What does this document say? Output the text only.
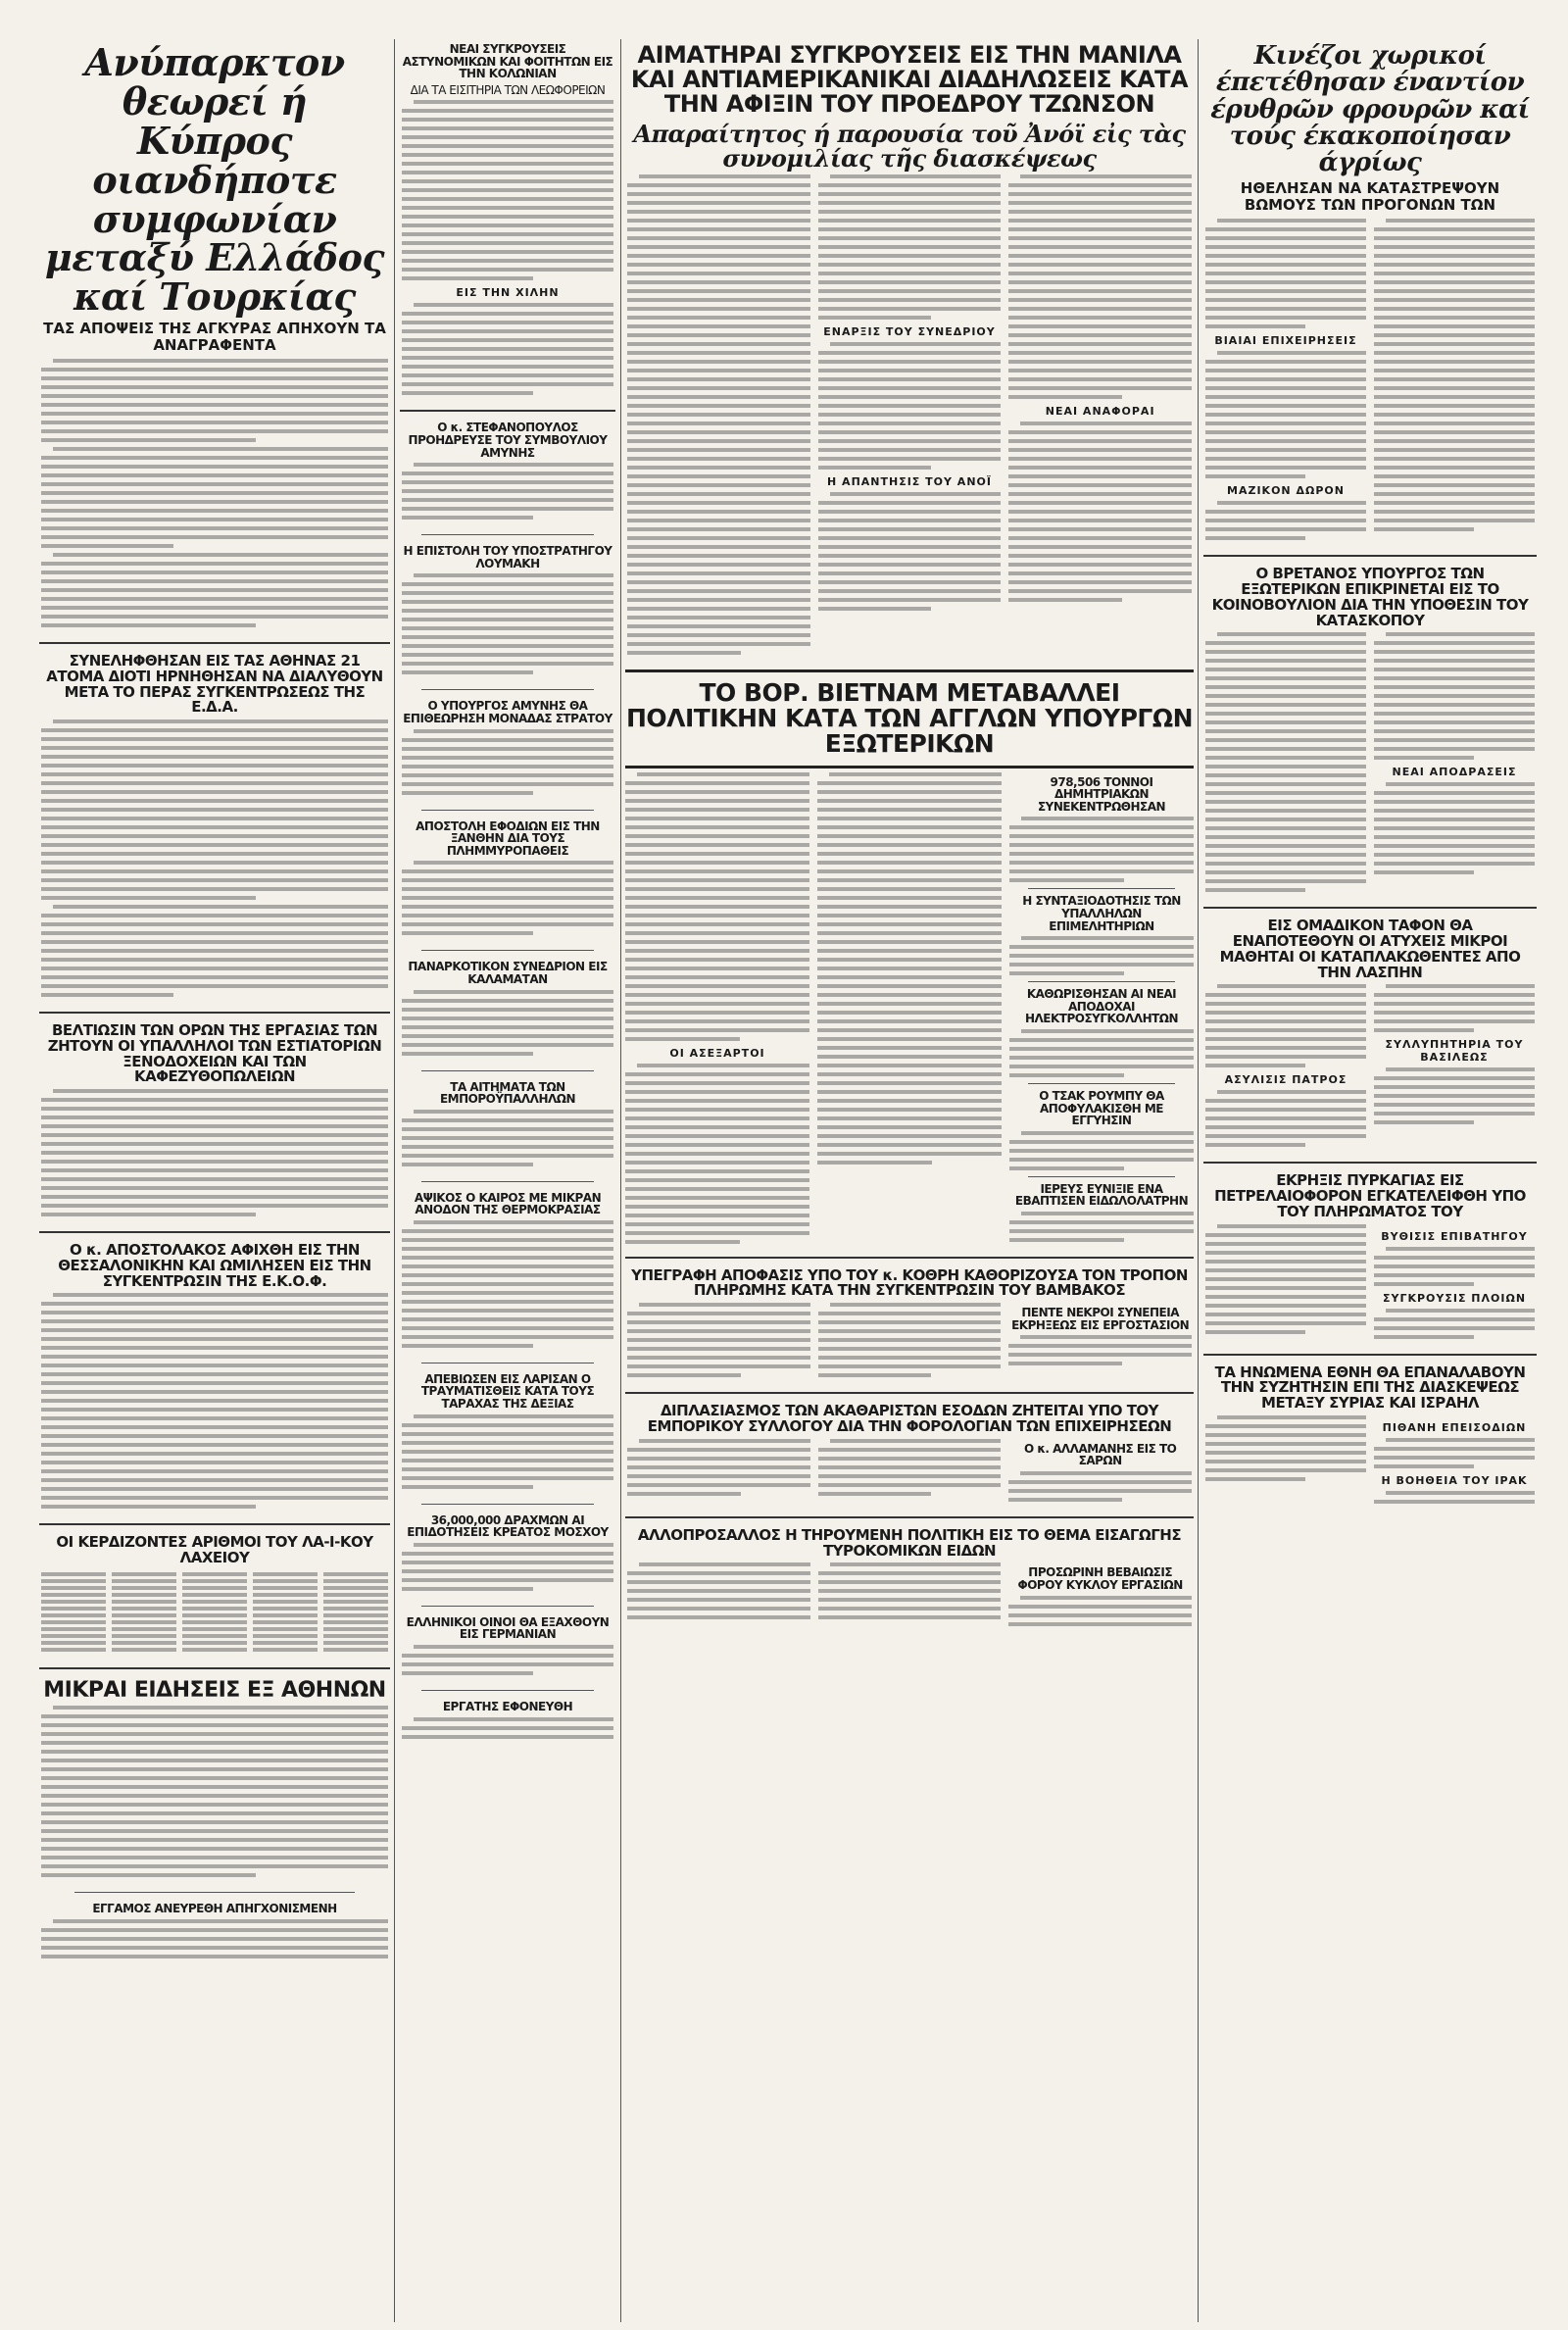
Ανύπαρκτον θεωρεί ή Κύπρος οιανδήποτε συμφωνίαν μεταξύ Ελλάδος καί Τουρκίας
ΤΑΣ ΑΠΟΨΕΙΣ ΤΗΣ ΑΓΚΥΡΑΣ ΑΠΗΧΟΥΝ ΤΑ ΑΝΑΓΡΑΦΕΝΤΑ
ΣΥΝΕΛΗΦΘΗΣΑΝ ΕΙΣ ΤΑΣ ΑΘΗΝΑΣ 21 ΑΤΟΜΑ ΔΙΟΤΙ ΗΡΝΗΘΗΣΑΝ ΝΑ ΔΙΑΛΥΘΟΥΝ ΜΕΤΑ ΤΟ ΠΕΡΑΣ ΣΥΓΚΕΝΤΡΩΣΕΩΣ ΤΗΣ Ε.Δ.Α.
ΒΕΛΤΙΩΣΙΝ ΤΩΝ ΟΡΩΝ ΤΗΣ ΕΡΓΑΣΙΑΣ ΤΩΝ ΖΗΤΟΥΝ ΟΙ ΥΠΑΛΛΗΛΟΙ ΤΩΝ ΕΣΤΙΑΤΟΡΙΩΝ ΞΕΝΟΔΟΧΕΙΩΝ ΚΑΙ ΤΩΝ ΚΑΦΕΖΥΘΟΠΩΛΕΙΩΝ
Ο κ. ΑΠΟΣΤΟΛΑΚΟΣ ΑΦΙΧΘΗ ΕΙΣ ΤΗΝ ΘΕΣΣΑΛΟΝΙΚΗΝ ΚΑΙ ΩΜΙΛΗΣΕΝ ΕΙΣ ΤΗΝ ΣΥΓΚΕΝΤΡΩΣΙΝ ΤΗΣ Ε.Κ.Ο.Φ.
ΟΙ ΚΕΡΔΙΖΟΝΤΕΣ ΑΡΙΘΜΟΙ ΤΟΥ ΛΑ-Ι-ΚΟΥ ΛΑΧΕΙΟΥ
ΜΙΚΡΑΙ ΕΙΔΗΣΕΙΣ ΕΞ ΑΘΗΝΩΝ
ΕΓΓΑΜΟΣ ΑΝΕΥΡΕΘΗ ΑΠΗΓΧΟΝΙΣΜΕΝΗ
ΝΕΑΙ ΣΥΓΚΡΟΥΣΕΙΣ ΑΣΤΥΝΟΜΙΚΩΝ ΚΑΙ ΦΟΙΤΗΤΩΝ ΕΙΣ ΤΗΝ ΚΟΛΩΝΙΑΝ
ΔΙΑ ΤΑ ΕΙΣΙΤΗΡΙΑ ΤΩΝ ΛΕΩΦΟΡΕΙΩΝ
ΕΙΣ ΤΗΝ ΧΙΛΗΝ
Ο κ. ΣΤΕΦΑΝΟΠΟΥΛΟΣ ΠΡΟΗΔΡΕΥΣΕ ΤΟΥ ΣΥΜΒΟΥΛΙΟΥ ΑΜΥΝΗΣ
Η ΕΠΙΣΤΟΛΗ ΤΟΥ ΥΠΟΣΤΡΑΤΗΓΟΥ ΛΟΥΜΑΚΗ
Ο ΥΠΟΥΡΓΟΣ ΑΜΥΝΗΣ ΘΑ ΕΠΙΘΕΩΡΗΣΗ ΜΟΝΑΔΑΣ ΣΤΡΑΤΟΥ
ΑΠΟΣΤΟΛΗ ΕΦΟΔΙΩΝ ΕΙΣ ΤΗΝ ΞΑΝΘΗΝ ΔΙΑ ΤΟΥΣ ΠΛΗΜΜΥΡΟΠΑΘΕΙΣ
ΠΑΝΑΡΚΟΤΙΚΟΝ ΣΥΝΕΔΡΙΟΝ ΕΙΣ ΚΑΛΑΜΑΤΑΝ
ΤΑ ΑΙΤΗΜΑΤΑ ΤΩΝ ΕΜΠΟΡΟΫΠΑΛΛΗΛΩΝ
ΑΨΙΚΟΣ Ο ΚΑΙΡΟΣ ΜΕ ΜΙΚΡΑΝ ΑΝΟΔΟΝ ΤΗΣ ΘΕΡΜΟΚΡΑΣΙΑΣ
ΑΠΕΒΙΩΣΕΝ ΕΙΣ ΛΑΡΙΣΑΝ Ο ΤΡΑΥΜΑΤΙΣΘΕΙΣ ΚΑΤΑ ΤΟΥΣ ΤΑΡΑΧΑΣ ΤΗΣ ΔΕΞΙΑΣ
36,000,000 ΔΡΑΧΜΩΝ ΑΙ ΕΠΙΔΟΤΗΣΕΙΣ ΚΡΕΑΤΟΣ ΜΟΣΧΟΥ
ΕΛΛΗΝΙΚΟΙ ΟΙΝΟΙ ΘΑ ΕΞΑΧΘΟΥΝ ΕΙΣ ΓΕΡΜΑΝΙΑΝ
ΕΡΓΑΤΗΣ ΕΦΟΝΕΥΘΗ
ΑΙΜΑΤΗΡΑΙ ΣΥΓΚΡΟΥΣΕΙΣ ΕΙΣ ΤΗΝ ΜΑΝΙΛΑ ΚΑΙ ΑΝΤΙΑΜΕΡΙΚΑΝΙΚΑΙ ΔΙΑΔΗΛΩΣΕΙΣ ΚΑΤΑ ΤΗΝ ΑΦΙΞΙΝ ΤΟΥ ΠΡΟΕΔΡΟΥ ΤΖΩΝΣΟΝ
Απαραίτητος ή παρουσία τοῦ Ἀνόϊ εἰς τὰς συνομιλίας τῆς διασκέψεως
ΕΝΑΡΞΙΣ ΤΟΥ ΣΥΝΕΔΡΙΟΥ
Η ΑΠΑΝΤΗΣΙΣ ΤΟΥ ΑΝΟΪ
ΝΕΑΙ ΑΝΑΦΟΡΑΙ
ΤΟ ΒΟΡ. ΒΙΕΤΝΑΜ ΜΕΤΑΒΑΛΛΕΙ ΠΟΛΙΤΙΚΗΝ ΚΑΤΑ ΤΩΝ ΑΓΓΛΩΝ ΥΠΟΥΡΓΩΝ ΕΞΩΤΕΡΙΚΩΝ
ΟΙ ΑΣΕΞΑΡΤΟΙ
978,506 ΤΟΝΝΟΙ ΔΗΜΗΤΡΙΑΚΩΝ ΣΥΝΕΚΕΝΤΡΩΘΗΣΑΝ
Η ΣΥΝΤΑΞΙΟΔΟΤΗΣΙΣ ΤΩΝ ΥΠΑΛΛΗΛΩΝ ΕΠΙΜΕΛΗΤΗΡΙΩΝ
ΚΑΘΩΡΙΣΘΗΣΑΝ ΑΙ ΝΕΑΙ ΑΠΟΔΟΧΑΙ ΗΛΕΚΤΡΟΣΥΓΚΟΛΛΗΤΩΝ
Ο ΤΣΑΚ ΡΟΥΜΠΥ ΘΑ ΑΠΟΦΥΛΑΚΙΣΘΗ ΜΕ ΕΓΓΥΗΣΙΝ
ΙΕΡΕΥΣ ΕΥΝΙΞΙΕ ΕΝΑ ΕΒΑΠΤΙΣΕΝ ΕΙΔΩΛΟΛΑΤΡΗΝ
ΥΠΕΓΡΑΦΗ ΑΠΟΦΑΣΙΣ ΥΠΟ ΤΟΥ κ. ΚΟΘΡΗ ΚΑΘΟΡΙΖΟΥΣΑ ΤΟΝ ΤΡΟΠΟΝ ΠΛΗΡΩΜΗΣ ΚΑΤΑ ΤΗΝ ΣΥΓΚΕΝΤΡΩΣΙΝ ΤΟΥ ΒΑΜΒΑΚΟΣ
ΠΕΝΤΕ ΝΕΚΡΟΙ ΣΥΝΕΠΕΙΑ ΕΚΡΗΞΕΩΣ ΕΙΣ ΕΡΓΟΣΤΑΣΙΟΝ
ΔΙΠΛΑΣΙΑΣΜΟΣ ΤΩΝ ΑΚΑΘΑΡΙΣΤΩΝ ΕΣΟΔΩΝ ΖΗΤΕΙΤΑΙ ΥΠΟ ΤΟΥ ΕΜΠΟΡΙΚΟΥ ΣΥΛΛΟΓΟΥ ΔΙΑ ΤΗΝ ΦΟΡΟΛΟΓΙΑΝ ΤΩΝ ΕΠΙΧΕΙΡΗΣΕΩΝ
Ο κ. ΑΛΛΑΜΑΝΗΣ ΕΙΣ ΤΟ ΣΑΡΩΝ
ΑΛΛΟΠΡΟΣΑΛΛΟΣ Η ΤΗΡΟΥΜΕΝΗ ΠΟΛΙΤΙΚΗ ΕΙΣ ΤΟ ΘΕΜΑ ΕΙΣΑΓΩΓΗΣ ΤΥΡΟΚΟΜΙΚΩΝ ΕΙΔΩΝ
ΠΡΟΣΩΡΙΝΗ ΒΕΒΑΙΩΣΙΣ ΦΟΡΟΥ ΚΥΚΛΟΥ ΕΡΓΑΣΙΩΝ
Κινέζοι χωρικοί έπετέθησαν έναντίον έρυθρῶν φρουρῶν καί τούς έκακοποίησαν άγρίως
ΗΘΕΛΗΣΑΝ ΝΑ ΚΑΤΑΣΤΡΕΨΟΥΝ ΒΩΜΟΥΣ ΤΩΝ ΠΡΟΓΟΝΩΝ ΤΩΝ
ΒΙΑΙΑΙ ΕΠΙΧΕΙΡΗΣΕΙΣ
ΜΑΖΙΚΟΝ ΔΩΡΟΝ
Ο ΒΡΕΤΑΝΟΣ ΥΠΟΥΡΓΟΣ ΤΩΝ ΕΞΩΤΕΡΙΚΩΝ ΕΠΙΚΡΙΝΕΤΑΙ ΕΙΣ ΤΟ ΚΟΙΝΟΒΟΥΛΙΟΝ ΔΙΑ ΤΗΝ ΥΠΟΘΕΣΙΝ ΤΟΥ ΚΑΤΑΣΚΟΠΟΥ
ΝΕΑΙ ΑΠΟΔΡΑΣΕΙΣ
ΕΙΣ ΟΜΑΔΙΚΟΝ ΤΑΦΟΝ ΘΑ ΕΝΑΠΟΤΕΘΟΥΝ ΟΙ ΑΤΥΧΕΙΣ ΜΙΚΡΟΙ ΜΑΘΗΤΑΙ ΟΙ ΚΑΤΑΠΛΑΚΩΘΕΝΤΕΣ ΑΠΟ ΤΗΝ ΛΑΣΠΗΝ
ΑΣΥΛΙΣΙΣ ΠΑΤΡΟΣ
ΣΥΛΛΥΠΗΤΗΡΙΑ ΤΟΥ ΒΑΣΙΛΕΩΣ
ΕΚΡΗΞΙΣ ΠΥΡΚΑΓΙΑΣ ΕΙΣ ΠΕΤΡΕΛΑΙΟΦΟΡΟΝ ΕΓΚΑΤΕΛΕΙΦΘΗ ΥΠΟ ΤΟΥ ΠΛΗΡΩΜΑΤΟΣ ΤΟΥ
ΒΥΘΙΣΙΣ ΕΠΙΒΑΤΗΓΟΥ
ΣΥΓΚΡΟΥΣΙΣ ΠΛΟΙΩΝ
ΤΑ ΗΝΩΜΕΝΑ ΕΘΝΗ ΘΑ ΕΠΑΝΑΛΑΒΟΥΝ ΤΗΝ ΣΥΖΗΤΗΣΙΝ ΕΠΙ ΤΗΣ ΔΙΑΣΚΕΨΕΩΣ ΜΕΤΑΞΥ ΣΥΡΙΑΣ ΚΑΙ ΙΣΡΑΗΛ
ΠΙΘΑΝΗ ΕΠΕΙΣΟΔΙΩΝ
Η ΒΟΗΘΕΙΑ ΤΟΥ ΙΡΑΚ
